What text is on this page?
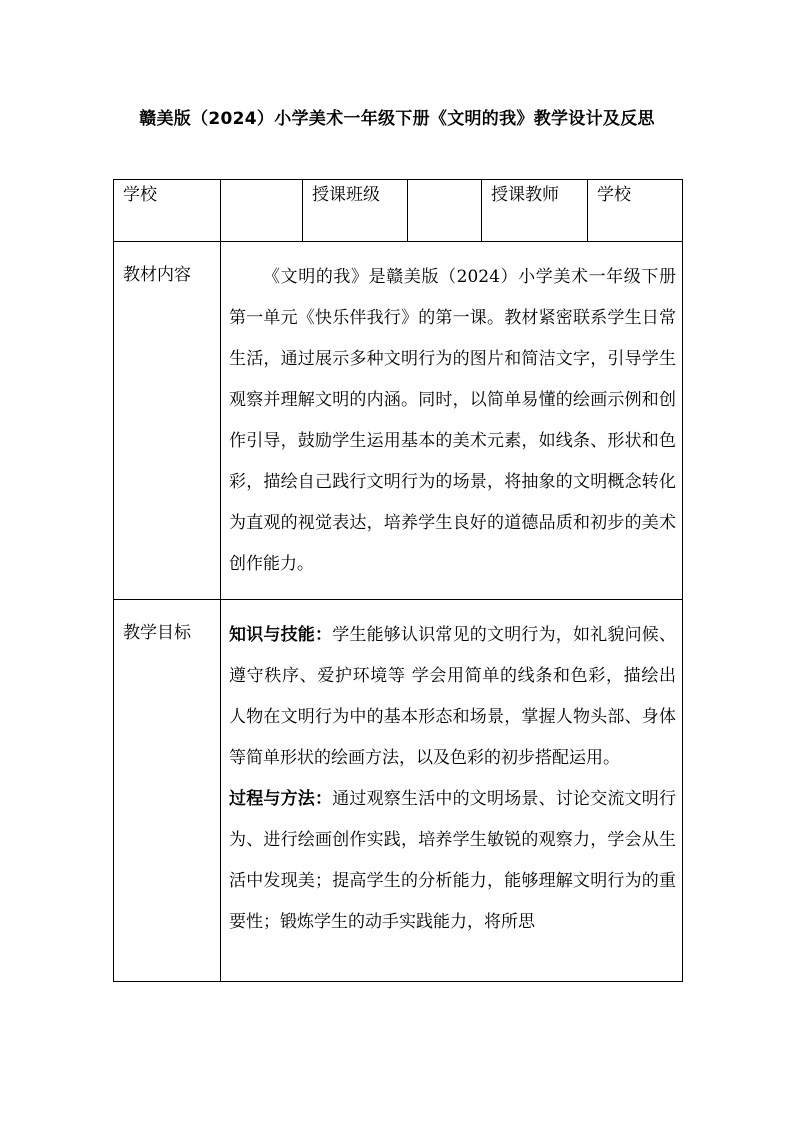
赣美版（2024）小学美术一年级下册《文明的我》教学设计及反思
学校		授课班级		授课教师	学校

教材内容	《文明的我》是赣美版（2024）小学美术一年级下册第一单元《快乐伴我行》的第一课。教材紧密联系学生日常生活，通过展示多种文明行为的图片和简洁文字，引导学生观察并理解文明的内涵。同时，以简单易懂的绘画示例和创作引导，鼓励学生运用基本的美术元素，如线条、形状和色彩，描绘自己践行文明行为的场景，将抽象的文明概念转化为直观的视觉表达，培养学生良好的道德品质和初步的美术创作能力。				

教学目标	知识与技能：学生能够认识常见的文明行为，如礼貌问候、遵守秩序、爱护环境等 学会用简单的线条和色彩，描绘出人物在文明行为中的基本形态和场景，掌握人物头部、身体等简单形状的绘画方法，以及色彩的初步搭配运用。

过程与方法：通过观察生活中的文明场景、讨论交流文明行为、进行绘画创作实践，培养学生敏锐的观察力，学会从生活中发现美；提高学生的分析能力，能够理解文明行为的重要性；锻炼学生的动手实践能力，将所思				
